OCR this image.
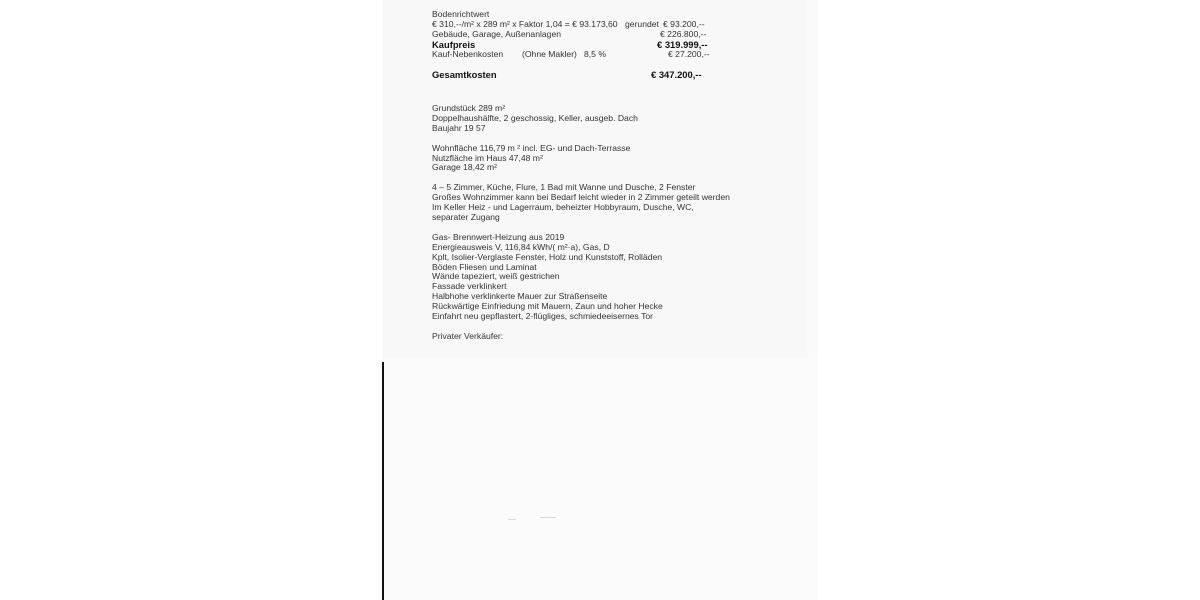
Bodenrichtwert
€ 310,--/m² x 289 m² x Faktor 1,04 = € 93.173,60 gerundet € 93.200,--
Gebäude, Garage, Außenanlagen	€ 226.800,--
Kaufpreis	€ 319.999,--
Kauf-Nebenkosten (Ohne Makler) 8,5 %	€ 27.200,--
Gesamtkosten	€ 347.200,--
Grundstück 289 m²
Doppelhaushälfte, 2 geschossig, Keller, ausgeb. Dach
Baujahr 19 57
Wohnfläche 116,79 m ² incl. EG- und Dach-Terrasse
Nutzfläche im Haus 47,48 m²
Garage 18,42 m²
4 – 5 Zimmer, Küche, Flure, 1 Bad mit Wanne und Dusche, 2 Fenster
Großes Wohnzimmer kann bei Bedarf leicht wieder in 2 Zimmer geteilt werden
Im Keller Heiz - und Lagerraum, beheizter Hobbyraum, Dusche, WC,
separater Zugang
Gas- Brennwert-Heizung aus 2019
Energieausweis V, 116,84 kWh/( m²·a), Gas, D
Kplt, Isolier-Verglaste Fenster, Holz und Kunststoff, Rolläden
Böden Fliesen und Laminat
Wände tapeziert, weiß gestrichen
Fassade verklinkert
Halbhohe verklinkerte Mauer zur Straßenseite
Rückwärtige Einfriedung mit Mauern, Zaun und hoher Hecke
Einfahrt neu gepflastert, 2-flügliges, schmiedeeisernes Tor
Privater Verkäufer:
